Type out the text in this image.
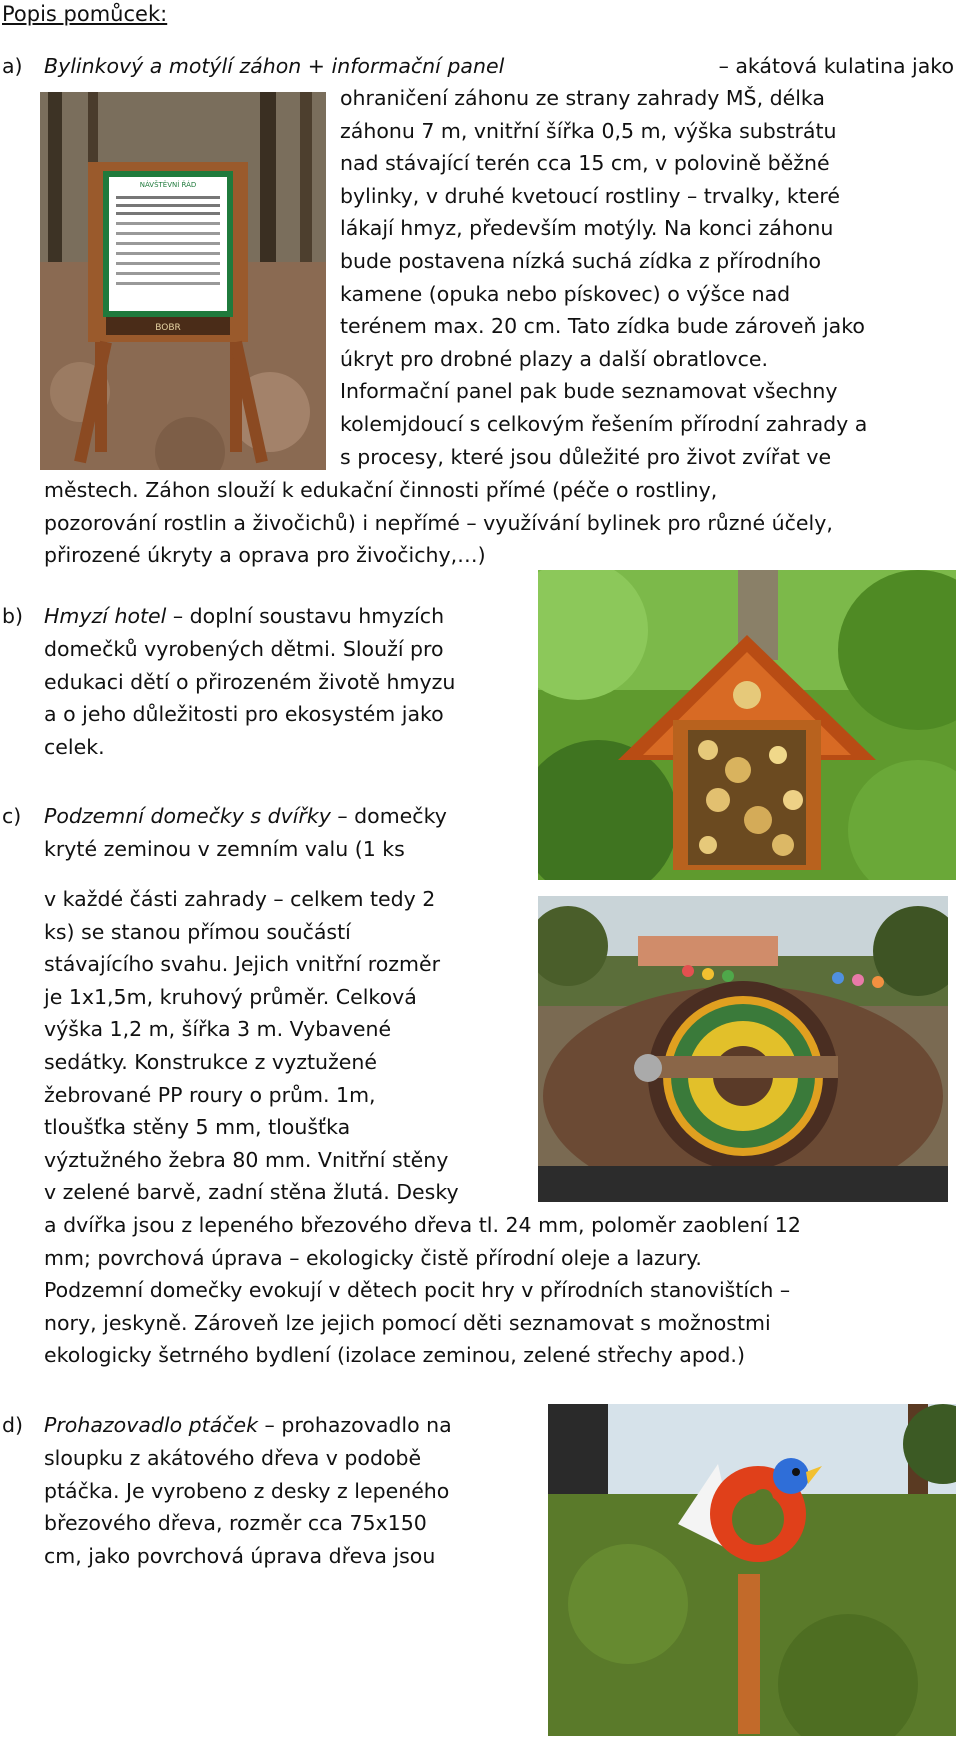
Popis pomůcek:
a) Bylinkový a motýlí záhon + informační panel	– akátová kulatina jako
NÁVŠTĚVNÍ ŘÁD
BOBR
ohraničení záhonu ze strany zahrady MŠ, délka
záhonu 7 m, vnitřní šířka 0,5 m, výška substrátu
nad stávající terén cca 15 cm, v polovině běžné
bylinky, v druhé kvetoucí rostliny – trvalky, které
lákají hmyz, především motýly. Na konci záhonu
bude postavena nízká suchá zídka z přírodního
kamene (opuka nebo pískovec) o výšce nad
terénem max. 20 cm. Tato zídka bude zároveň jako
úkryt pro drobné plazy a další obratlovce.
Informační panel pak bude seznamovat všechny
kolemjdoucí s celkovým řešením přírodní zahrady a
s procesy, které jsou důležité pro život zvířat ve
městech. Záhon slouží k edukační činnosti přímé (péče o rostliny,
pozorování rostlin a živočichů) i nepřímé – využívání bylinek pro různé účely,
přirozené úkryty a oprava pro živočichy,…)
b) Hmyzí hotel – doplní soustavu hmyzích
domečků vyrobených dětmi. Slouží pro
edukaci dětí o přirozeném životě hmyzu
a o jeho důležitosti pro ekosystém jako
celek.
c) Podzemní domečky s dvířky – domečky
kryté zeminou v zemním valu (1 ks
v každé části zahrady – celkem tedy 2
ks) se stanou přímou součástí
stávajícího svahu. Jejich vnitřní rozměr
je 1x1,5m, kruhový průměr. Celková
výška 1,2 m, šířka 3 m. Vybavené
sedátky. Konstrukce z vyztužené
žebrované PP roury o prům. 1m,
tloušťka stěny 5 mm, tloušťka
výztužného žebra 80 mm. Vnitřní stěny
v zelené barvě, zadní stěna žlutá. Desky
a dvířka jsou z lepeného březového dřeva tl. 24 mm, poloměr zaoblení 12
mm; povrchová úprava – ekologicky čistě přírodní oleje a lazury.
Podzemní domečky evokují v dětech pocit hry v přírodních stanovištích –
nory, jeskyně. Zároveň lze jejich pomocí děti seznamovat s možnostmi
ekologicky šetrného bydlení (izolace zeminou, zelené střechy apod.)
d) Prohazovadlo ptáček – prohazovadlo na
sloupku z akátového dřeva v podobě
ptáčka. Je vyrobeno z desky z lepeného
březového dřeva, rozměr cca 75x150
cm, jako povrchová úprava dřeva jsou
